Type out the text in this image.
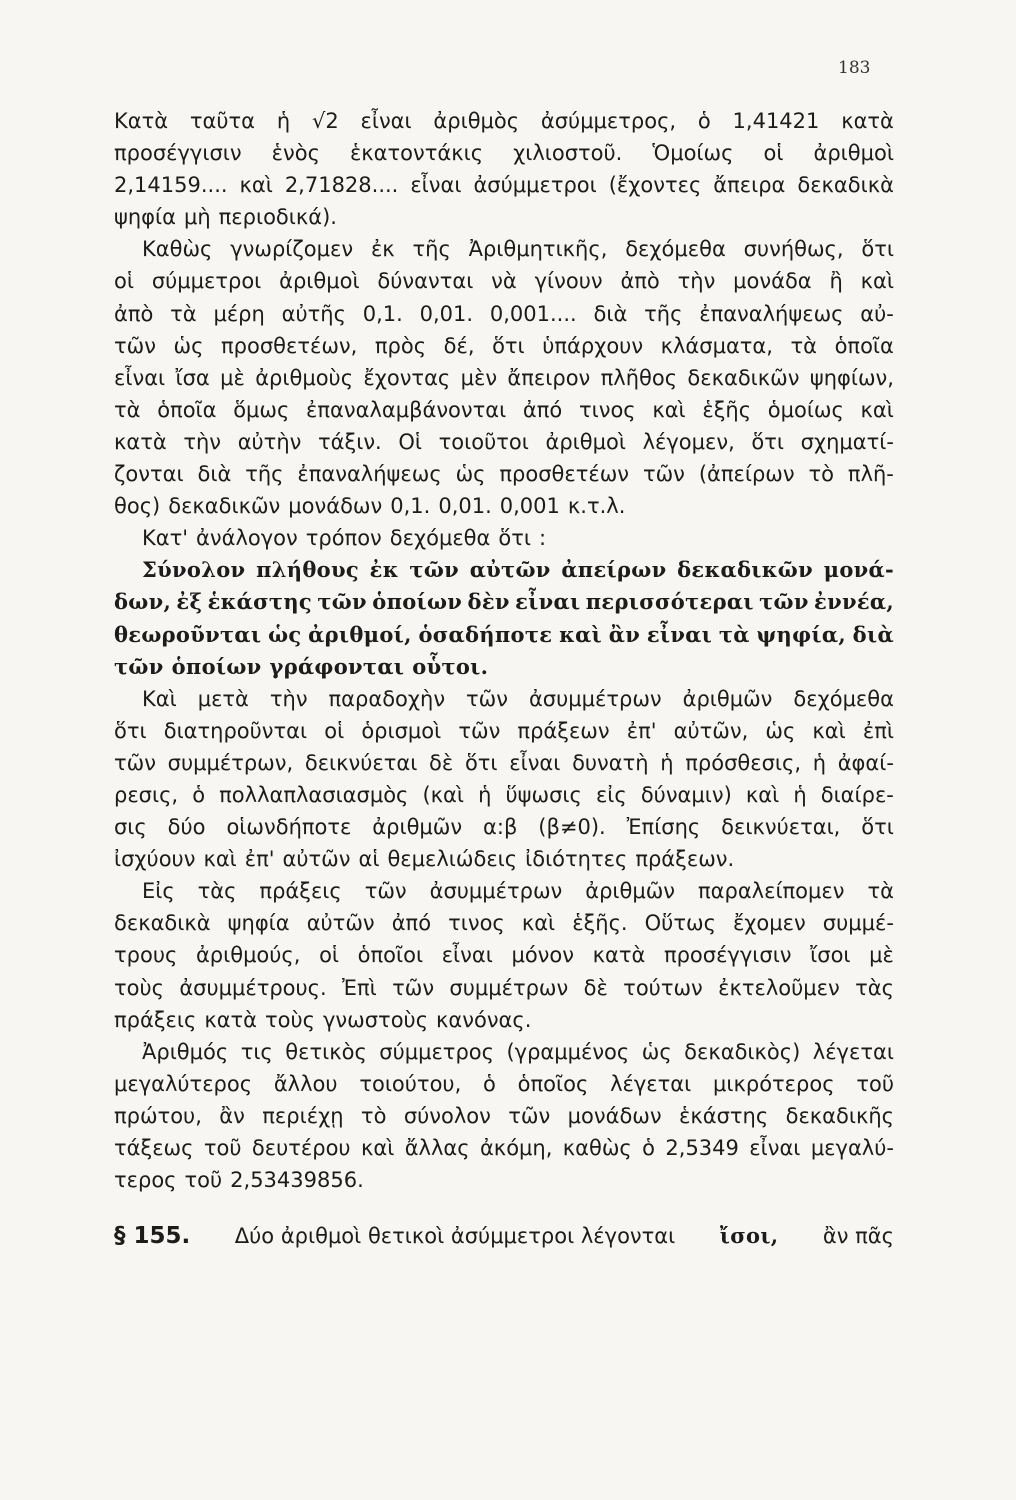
183
Κατὰ ταῦτα ἡ √2 εἶναι ἀριθμὸς ἀσύμμετρος, ὁ 1,41421 κατὰ
προσέγγισιν ἑνὸς ἑκατοντάκις χιλιοστοῦ. Ὁμοίως οἱ ἀριθμοὶ
2,14159.... καὶ 2,71828.... εἶναι ἀσύμμετροι (ἔχοντες ἄπειρα δεκαδικὰ
ψηφία μὴ περιοδικά).
Καθὼς γνωρίζομεν ἐκ τῆς Ἀριθμητικῆς, δεχόμεθα συνήθως, ὅτι
οἱ σύμμετροι ἀριθμοὶ δύνανται νὰ γίνουν ἀπὸ τὴν μονάδα ἢ καὶ
ἀπὸ τὰ μέρη αὐτῆς 0,1. 0,01. 0,001.... διὰ τῆς ἐπαναλήψεως αὐ-
τῶν ὡς προσθετέων, πρὸς δέ, ὅτι ὑπάρχουν κλάσματα, τὰ ὁποῖα
εἶναι ἴσα μὲ ἀριθμοὺς ἔχοντας μὲν ἄπειρον πλῆθος δεκαδικῶν ψηφίων,
τὰ ὁποῖα ὅμως ἐπαναλαμβάνονται ἀπό τινος καὶ ἑξῆς ὁμοίως καὶ
κατὰ τὴν αὐτὴν τάξιν. Οἱ τοιοῦτοι ἀριθμοὶ λέγομεν, ὅτι σχηματί-
ζονται διὰ τῆς ἐπαναλήψεως ὡς προσθετέων τῶν (ἀπείρων τὸ πλῆ-
θος) δεκαδικῶν μονάδων 0,1. 0,01. 0,001 κ.τ.λ.
Κατ' ἀνάλογον τρόπον δεχόμεθα ὅτι :
Σύνολον πλήθους ἐκ τῶν αὐτῶν ἀπείρων δεκαδικῶν μονά-
δων, ἐξ ἑκάστης τῶν ὁποίων δὲν εἶναι περισσότεραι τῶν ἐννέα,
θεωροῦνται ὡς ἀριθμοί, ὁσαδήποτε καὶ ἂν εἶναι τὰ ψηφία, διὰ
τῶν ὁποίων γράφονται οὗτοι.
Καὶ μετὰ τὴν παραδοχὴν τῶν ἀσυμμέτρων ἀριθμῶν δεχόμεθα
ὅτι διατηροῦνται οἱ ὁρισμοὶ τῶν πράξεων ἐπ' αὐτῶν, ὡς καὶ ἐπὶ
τῶν συμμέτρων, δεικνύεται δὲ ὅτι εἶναι δυνατὴ ἡ πρόσθεσις, ἡ ἀφαί-
ρεσις, ὁ πολλαπλασιασμὸς (καὶ ἡ ὕψωσις εἰς δύναμιν) καὶ ἡ διαίρε-
σις δύο οἱωνδήποτε ἀριθμῶν α:β (β≠0). Ἐπίσης δεικνύεται, ὅτι
ἰσχύουν καὶ ἐπ' αὐτῶν αἱ θεμελιώδεις ἰδιότητες πράξεων.
Εἰς τὰς πράξεις τῶν ἀσυμμέτρων ἀριθμῶν παραλείπομεν τὰ
δεκαδικὰ ψηφία αὐτῶν ἀπό τινος καὶ ἑξῆς. Οὕτως ἔχομεν συμμέ-
τρους ἀριθμούς, οἱ ὁποῖοι εἶναι μόνον κατὰ προσέγγισιν ἴσοι μὲ
τοὺς ἀσυμμέτρους. Ἐπὶ τῶν συμμέτρων δὲ τούτων ἐκτελοῦμεν τὰς
πράξεις κατὰ τοὺς γνωστοὺς κανόνας.
Ἀριθμός τις θετικὸς σύμμετρος (γραμμένος ὡς δεκαδικὸς) λέγεται
μεγαλύτερος ἄλλου τοιούτου, ὁ ὁποῖος λέγεται μικρότερος τοῦ
πρώτου, ἂν περιέχῃ τὸ σύνολον τῶν μονάδων ἑκάστης δεκαδικῆς
τάξεως τοῦ δευτέρου καὶ ἄλλας ἀκόμη, καθὼς ὁ 2,5349 εἶναι μεγαλύ-
τερος τοῦ 2,53439856.
§ 155. Δύο ἀριθμοὶ θετικοὶ ἀσύμμετροι λέγονται ἴσοι, ἂν πᾶς
